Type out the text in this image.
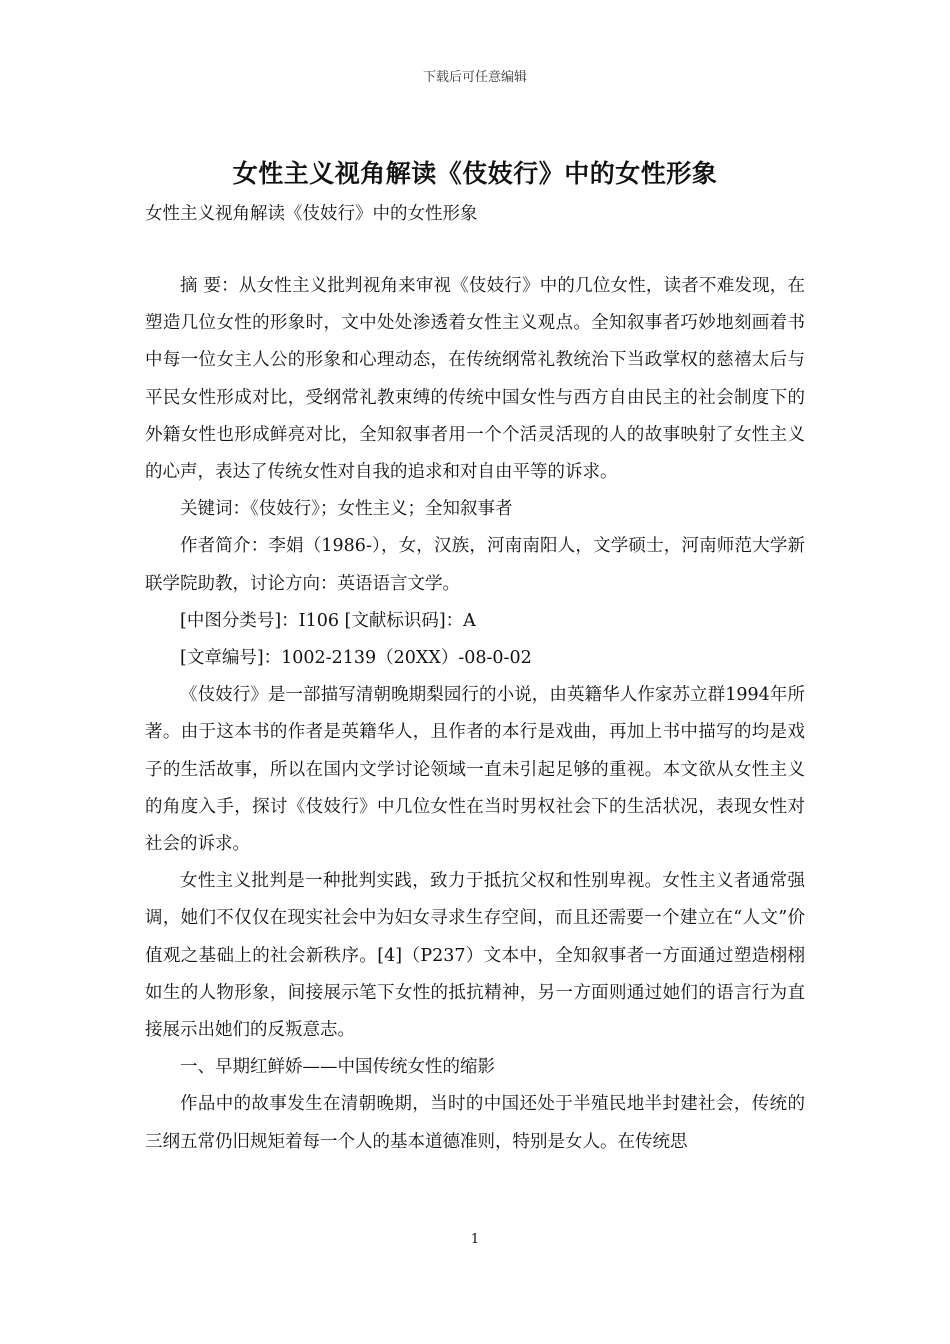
下载后可任意编辑
女性主义视角解读《伎妓行》中的女性形象
女性主义视角解读《伎妓行》中的女性形象

摘 要：从女性主义批判视角来审视《伎妓行》中的几位女性，读者不难发现，在塑造几位女性的形象时，文中处处渗透着女性主义观点。全知叙事者巧妙地刻画着书中每一位女主人公的形象和心理动态，在传统纲常礼教统治下当政掌权的慈禧太后与平民女性形成对比，受纲常礼教束缚的传统中国女性与西方自由民主的社会制度下的外籍女性也形成鲜亮对比，全知叙事者用一个个活灵活现的人的故事映射了女性主义的心声，表达了传统女性对自我的追求和对自由平等的诉求。

关键词：《伎妓行》；女性主义；全知叙事者

作者简介：李娟（1986-），女，汉族，河南南阳人，文学硕士，河南师范大学新联学院助教，讨论方向：英语语言文学。

[中图分类号]：I106 [文献标识码]：A

[文章编号]：1002-2139（20XX）-08-0-02

《伎妓行》是一部描写清朝晚期梨园行的小说，由英籍华人作家苏立群1994年所著。由于这本书的作者是英籍华人，且作者的本行是戏曲，再加上书中描写的均是戏子的生活故事，所以在国内文学讨论领域一直未引起足够的重视。本文欲从女性主义的角度入手，探讨《伎妓行》中几位女性在当时男权社会下的生活状况，表现女性对社会的诉求。

女性主义批判是一种批判实践，致力于抵抗父权和性别卑视。女性主义者通常强调，她们不仅仅在现实社会中为妇女寻求生存空间，而且还需要一个建立在“人文”价值观之基础上的社会新秩序。[4]（P237）文本中，全知叙事者一方面通过塑造栩栩如生的人物形象，间接展示笔下女性的抵抗精神，另一方面则通过她们的语言行为直接展示出她们的反叛意志。

一、早期红鲜娇——中国传统女性的缩影

作品中的故事发生在清朝晚期，当时的中国还处于半殖民地半封建社会，传统的三纲五常仍旧规矩着每一个人的基本道德准则，特别是女人。在传统思

1
